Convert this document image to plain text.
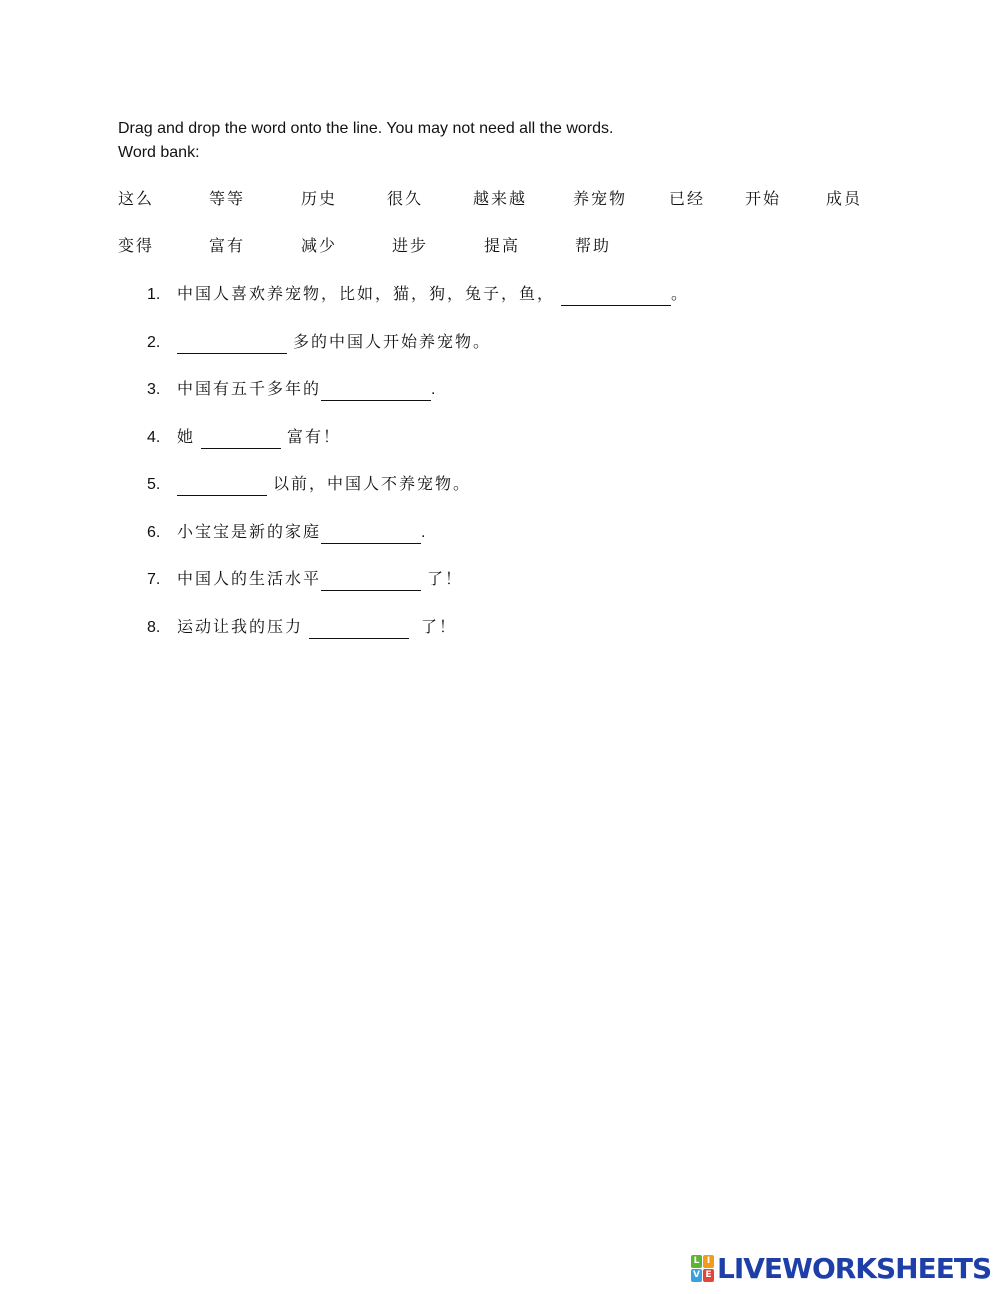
Drag and drop the word onto the line. You may not need all the words.
Word bank:
这么	等等	历史	很久	越来越	养宠物	已经 开始	成员
变得	富有	减少	进步	提高	帮助
1.	中国人喜欢养宠物，比如，猫，狗，兔子，鱼，	。
2.	多的中国人开始养宠物。
3.	中国有五千多年的	.
4.	她	富有！
5.	以前，中国人不养宠物。
6.	小宝宝是新的家庭	.
7.	中国人的生活水平	了！
8.	运动让我的压力	了！
L I
V E LIVEWORKSHEETS
